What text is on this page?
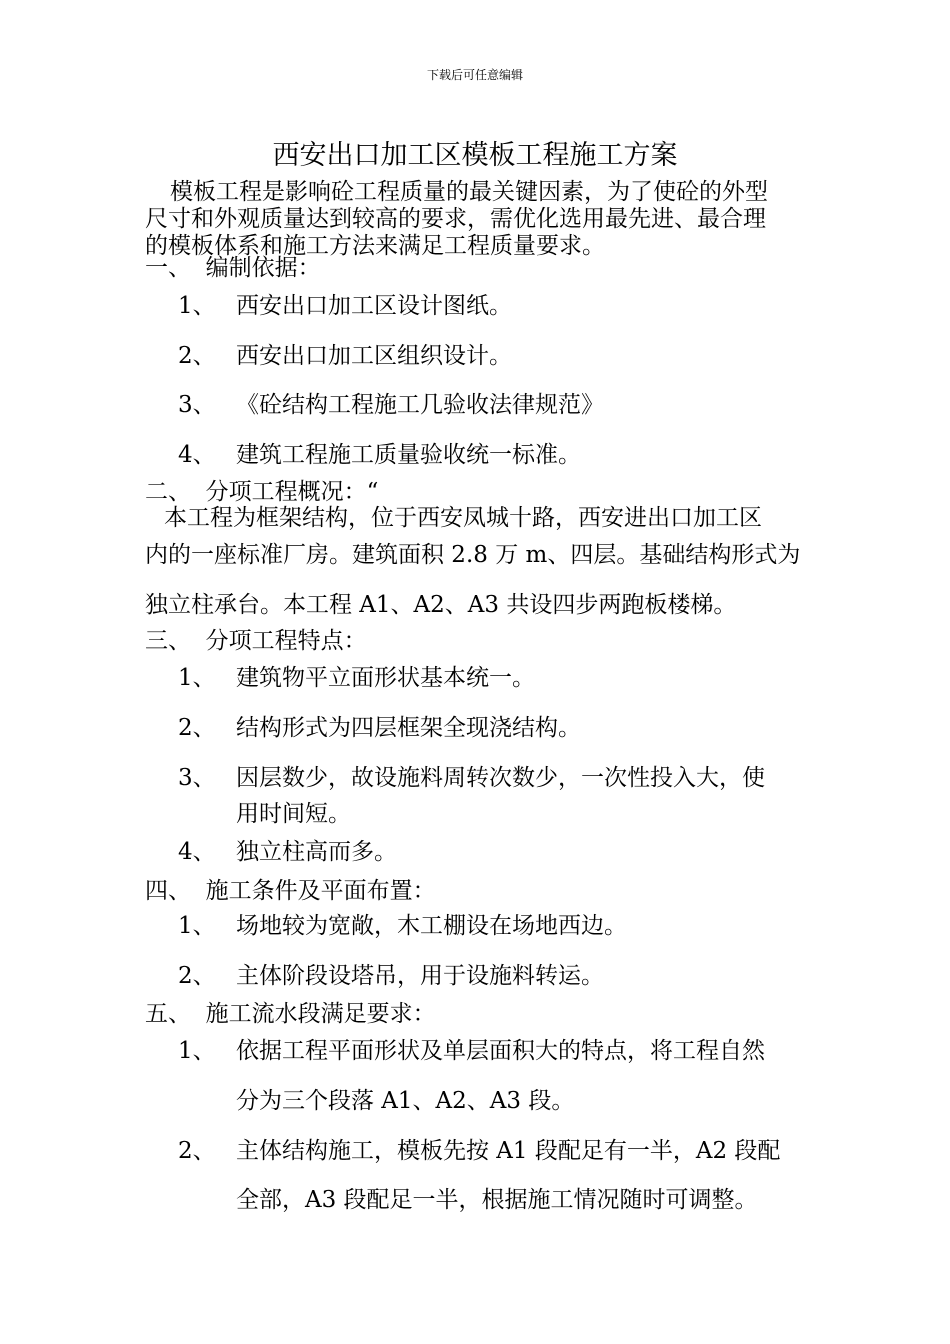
下载后可任意编辑
西安出口加工区模板工程施工方案
模板工程是影响砼工程质量的最关键因素，为了使砼的外型
尺寸和外观质量达到较高的要求，需优化选用最先进、最合理
的模板体系和施工方法来满足工程质量要求。
一、 编制依据：
1、 西安出口加工区设计图纸。
2、 西安出口加工区组织设计。
3、 《砼结构工程施工几验收法律规范》
4、 建筑工程施工质量验收统一标准。
二、 分项工程概况：“
本工程为框架结构，位于西安凤城十路，西安进出口加工区
内的一座标准厂房。建筑面积 2.8 万 m、四层。基础结构形式为
独立柱承台。本工程 A1、A2、A3 共设四步两跑板楼梯。
三、 分项工程特点：
1、 建筑物平立面形状基本统一。
2、 结构形式为四层框架全现浇结构。
3、 因层数少，故设施料周转次数少，一次性投入大，使
用时间短。
4、 独立柱高而多。
四、 施工条件及平面布置：
1、 场地较为宽敞，木工棚设在场地西边。
2、 主体阶段设塔吊，用于设施料转运。
五、 施工流水段满足要求：
1、 依据工程平面形状及单层面积大的特点，将工程自然
分为三个段落 A1、A2、A3 段。
2、 主体结构施工，模板先按 A1 段配足有一半，A2 段配
全部，A3 段配足一半，根据施工情况随时可调整。
